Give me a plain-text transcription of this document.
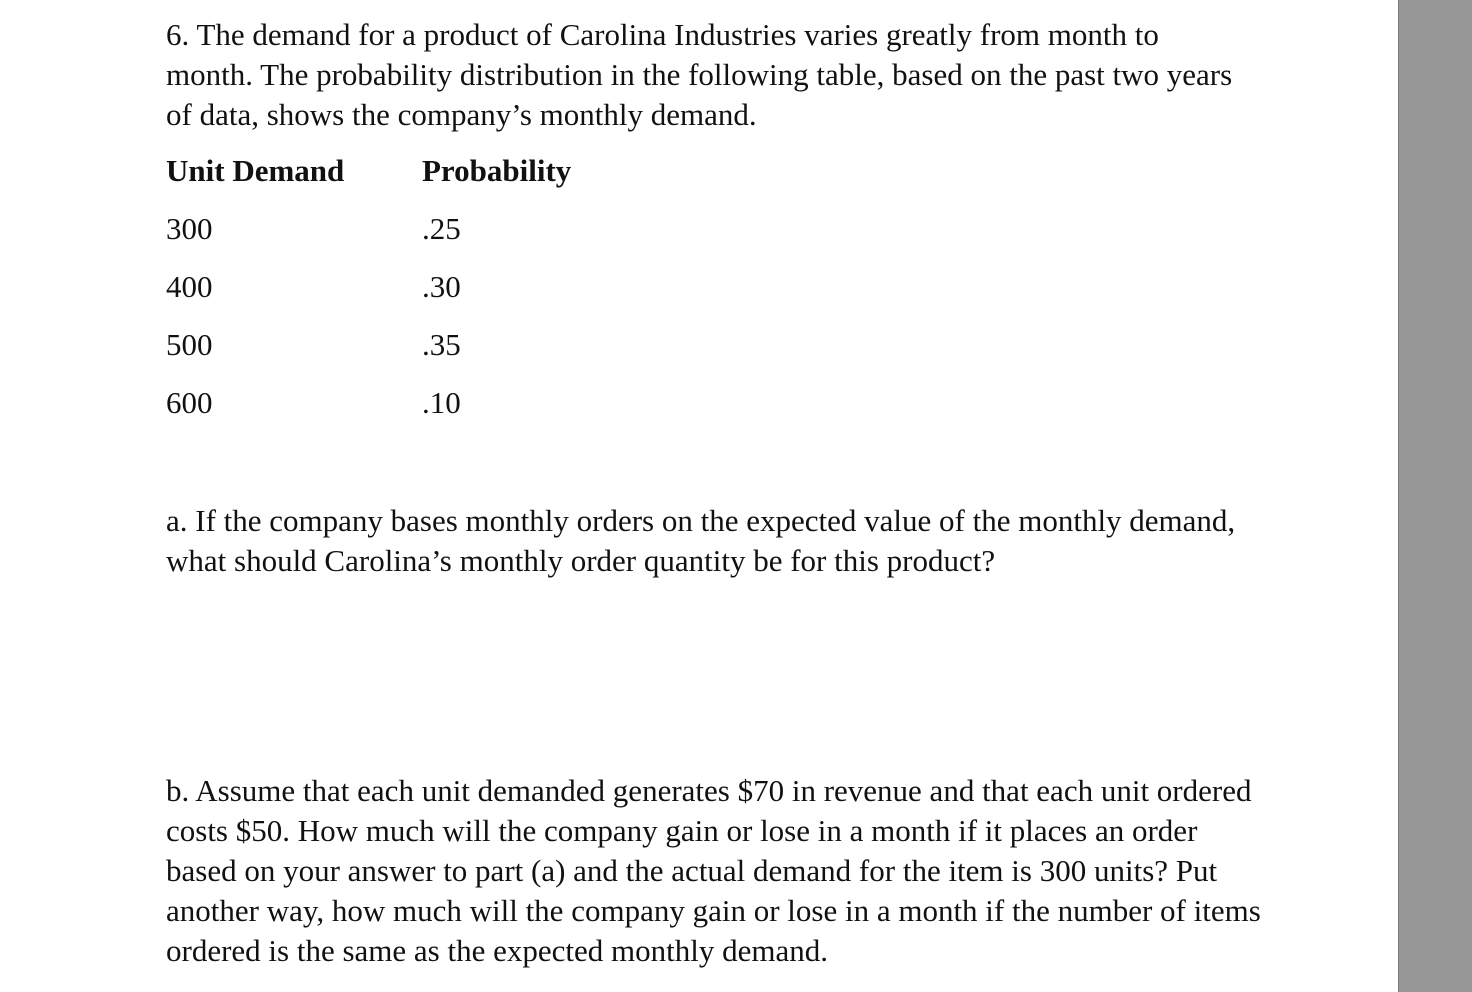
6. The demand for a product of Carolina Industries varies greatly from month to month. The probability distribution in the following table, based on the past two years of data, shows the company’s monthly demand.

Unit Demand	Probability
300	.25
400	.30
500	.35
600	.10

a. If the company bases monthly orders on the expected value of the monthly demand, what should Carolina’s monthly order quantity be for this product?

b. Assume that each unit demanded generates $70 in revenue and that each unit ordered costs $50. How much will the company gain or lose in a month if it places an order based on your answer to part (a) and the actual demand for the item is 300 units? Put another way, how much will the company gain or lose in a month if the number of items ordered is the same as the expected monthly demand.
